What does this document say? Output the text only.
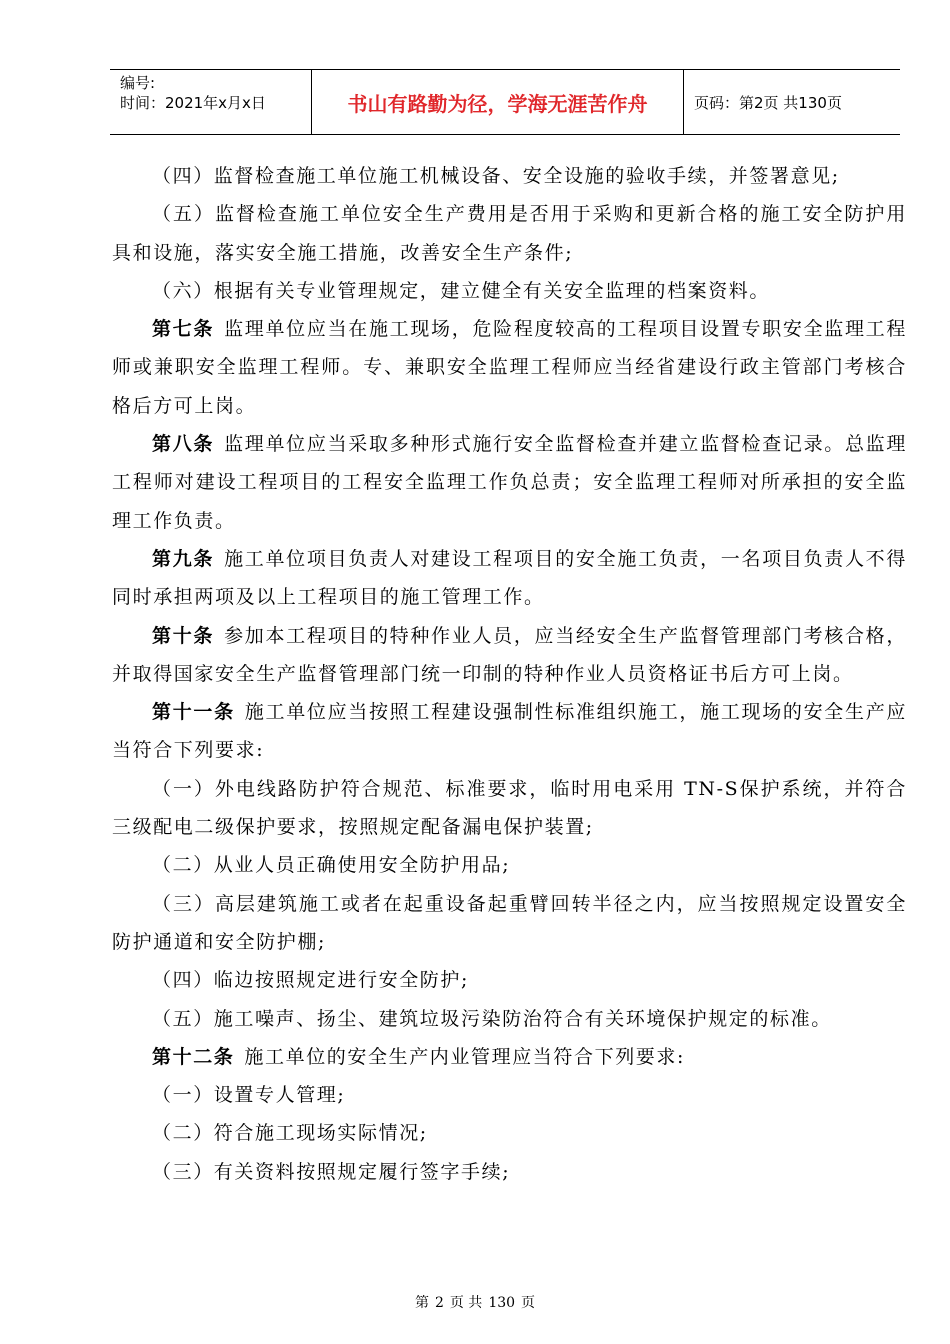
编号:
时间：2021年x月x日	书山有路勤为径，学海无涯苦作舟	页码：第2页 共130页

（四）监督检查施工单位施工机械设备、安全设施的验收手续，并签署意见;

（五）监督检查施工单位安全生产费用是否用于采购和更新合格的施工安全防护用具和设施，落实安全施工措施，改善安全生产条件;

（六）根据有关专业管理规定，建立健全有关安全监理的档案资料。

第七条 监理单位应当在施工现场，危险程度较高的工程项目设置专职安全监理工程师或兼职安全监理工程师。专、兼职安全监理工程师应当经省建设行政主管部门考核合格后方可上岗。

第八条 监理单位应当采取多种形式施行安全监督检查并建立监督检查记录。总监理工程师对建设工程项目的工程安全监理工作负总责；安全监理工程师对所承担的安全监理工作负责。

第九条 施工单位项目负责人对建设工程项目的安全施工负责，一名项目负责人不得同时承担两项及以上工程项目的施工管理工作。

第十条 参加本工程项目的特种作业人员，应当经安全生产监督管理部门考核合格，并取得国家安全生产监督管理部门统一印制的特种作业人员资格证书后方可上岗。

第十一条 施工单位应当按照工程建设强制性标准组织施工，施工现场的安全生产应当符合下列要求:

（一）外电线路防护符合规范、标准要求，临时用电采用 TN-S保护系统，并符合三级配电二级保护要求，按照规定配备漏电保护装置;

（二）从业人员正确使用安全防护用品;

（三）高层建筑施工或者在起重设备起重臂回转半径之内，应当按照规定设置安全防护通道和安全防护棚;

（四）临边按照规定进行安全防护;

（五）施工噪声、扬尘、建筑垃圾污染防治符合有关环境保护规定的标准。

第十二条 施工单位的安全生产内业管理应当符合下列要求:

（一）设置专人管理;

（二）符合施工现场实际情况;

（三）有关资料按照规定履行签字手续;

第 2 页 共 130 页
